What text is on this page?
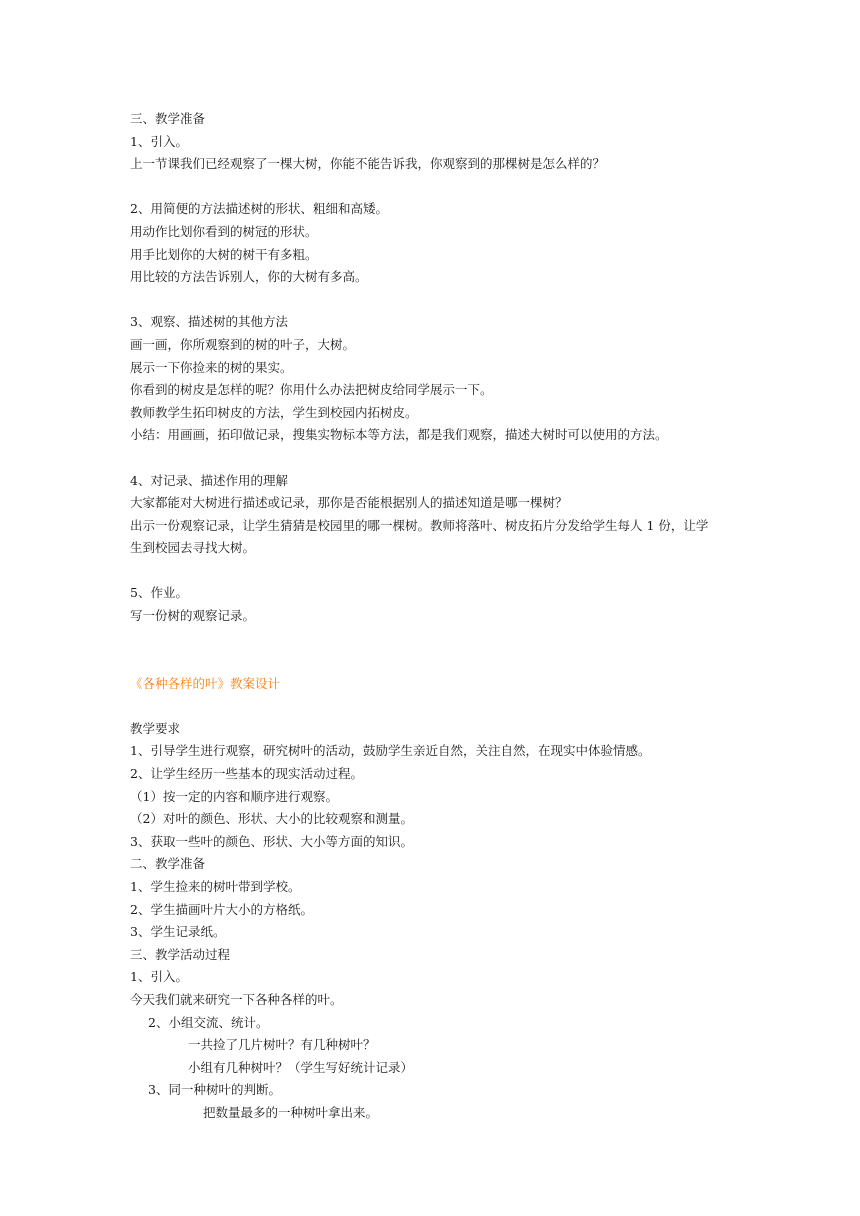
三、教学准备
1、引入。
上一节课我们已经观察了一棵大树，你能不能告诉我，你观察到的那棵树是怎么样的？
2、用简便的方法描述树的形状、粗细和高矮。
用动作比划你看到的树冠的形状。
用手比划你的大树的树干有多粗。
用比较的方法告诉别人，你的大树有多高。
3、观察、描述树的其他方法
画一画，你所观察到的树的叶子，大树。
展示一下你捡来的树的果实。
你看到的树皮是怎样的呢？你用什么办法把树皮给同学展示一下。
教师教学生拓印树皮的方法，学生到校园内拓树皮。
小结：用画画，拓印做记录，搜集实物标本等方法，都是我们观察，描述大树时可以使用的方法。
4、对记录、描述作用的理解
大家都能对大树进行描述或记录，那你是否能根据别人的描述知道是哪一棵树？
出示一份观察记录，让学生猜猜是校园里的哪一棵树。教师将落叶、树皮拓片分发给学生每人 1 份，让学
生到校园去寻找大树。
5、作业。
写一份树的观察记录。
《各种各样的叶》教案设计
教学要求
1、引导学生进行观察，研究树叶的活动，鼓励学生亲近自然，关注自然，在现实中体验情感。
2、让学生经历一些基本的现实活动过程。
（1）按一定的内容和顺序进行观察。
（2）对叶的颜色、形状、大小的比较观察和测量。
3、获取一些叶的颜色、形状、大小等方面的知识。
二、教学准备
1、学生捡来的树叶带到学校。
2、学生描画叶片大小的方格纸。
3、学生记录纸。
三、教学活动过程
1、引入。
今天我们就来研究一下各种各样的叶。
2、小组交流、统计。
一共捡了几片树叶？有几种树叶？
小组有几种树叶？（学生写好统计记录）
3、同一种树叶的判断。
把数量最多的一种树叶拿出来。
